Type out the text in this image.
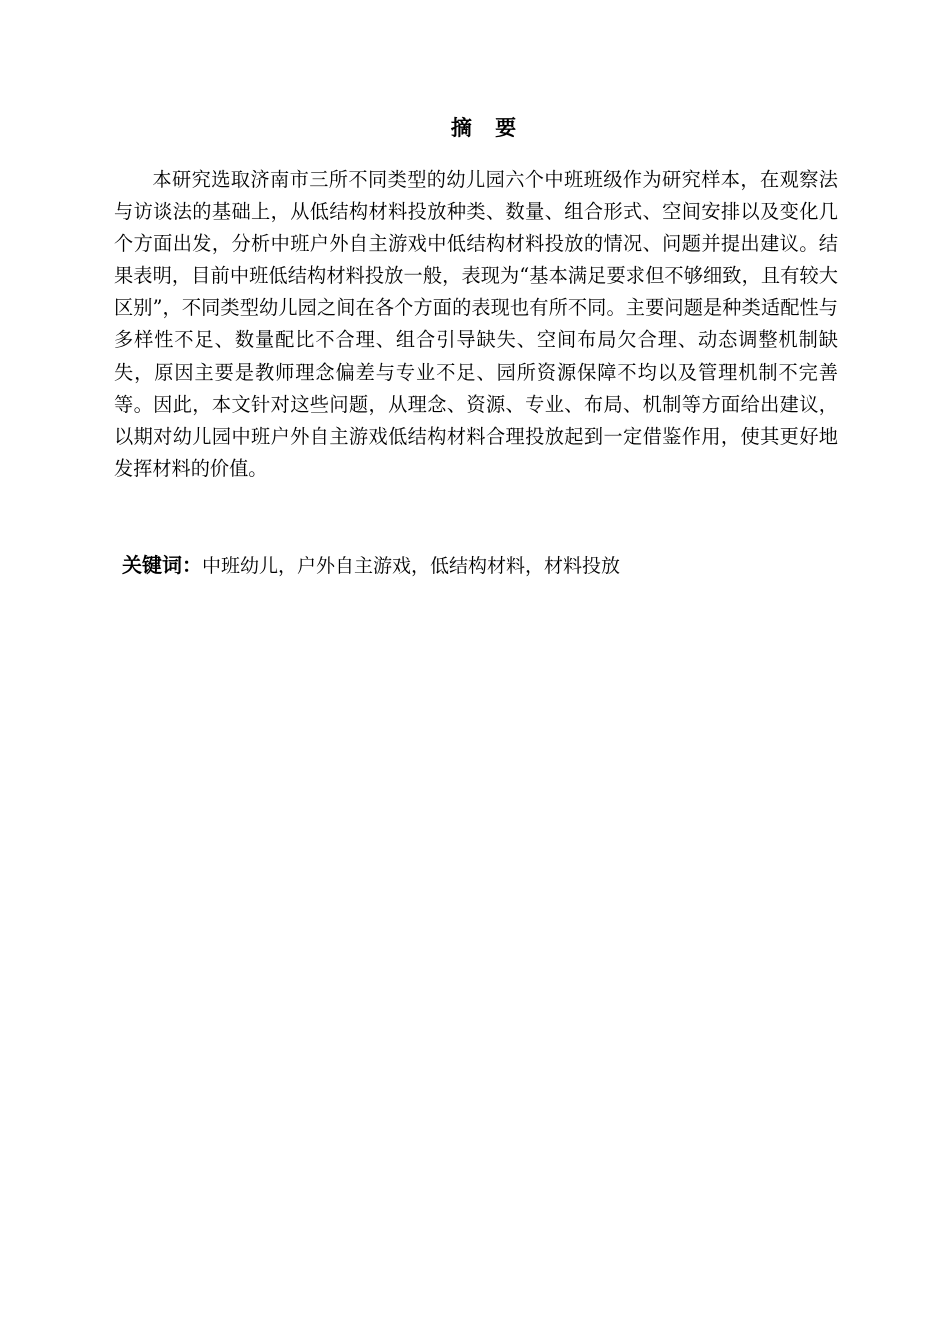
摘 要

本研究选取济南市三所不同类型的幼儿园六个中班班级作为研究样本，在观察法与访谈法的基础上，从低结构材料投放种类、数量、组合形式、空间安排以及变化几个方面出发，分析中班户外自主游戏中低结构材料投放的情况、问题并提出建议。结果表明，目前中班低结构材料投放一般，表现为“基本满足要求但不够细致，且有较大区别”，不同类型幼儿园之间在各个方面的表现也有所不同。主要问题是种类适配性与多样性不足、数量配比不合理、组合引导缺失、空间布局欠合理、动态调整机制缺失，原因主要是教师理念偏差与专业不足、园所资源保障不均以及管理机制不完善等。因此，本文针对这些问题，从理念、资源、专业、布局、机制等方面给出建议，以期对幼儿园中班户外自主游戏低结构材料合理投放起到一定借鉴作用，使其更好地发挥材料的价值。

关键词：中班幼儿，户外自主游戏，低结构材料，材料投放
